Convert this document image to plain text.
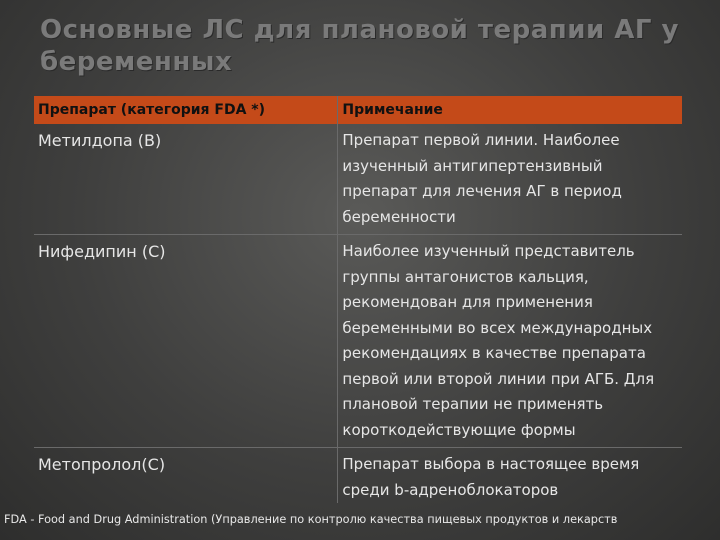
Основные ЛС для плановой терапии АГ у беременных
Препарат (категория FDA *)	Примечание
Метилдопа (В)	Препарат первой линии. Наиболее изученный антигипертензивный препарат для лечения АГ в период беременности
Нифедипин (С)	Наиболее изученный представитель группы антагонистов кальция, рекомендован для применения беременными во всех международных рекомендациях в качестве препарата первой или второй линии при АГБ. Для плановой терапии не применять короткодействующие формы
Метопролол(С)	Препарат выбора в настоящее время среди b-адреноблокаторов
FDA - Food and Drug Administration (Управление по контролю качества пищевых продуктов и лекарств
